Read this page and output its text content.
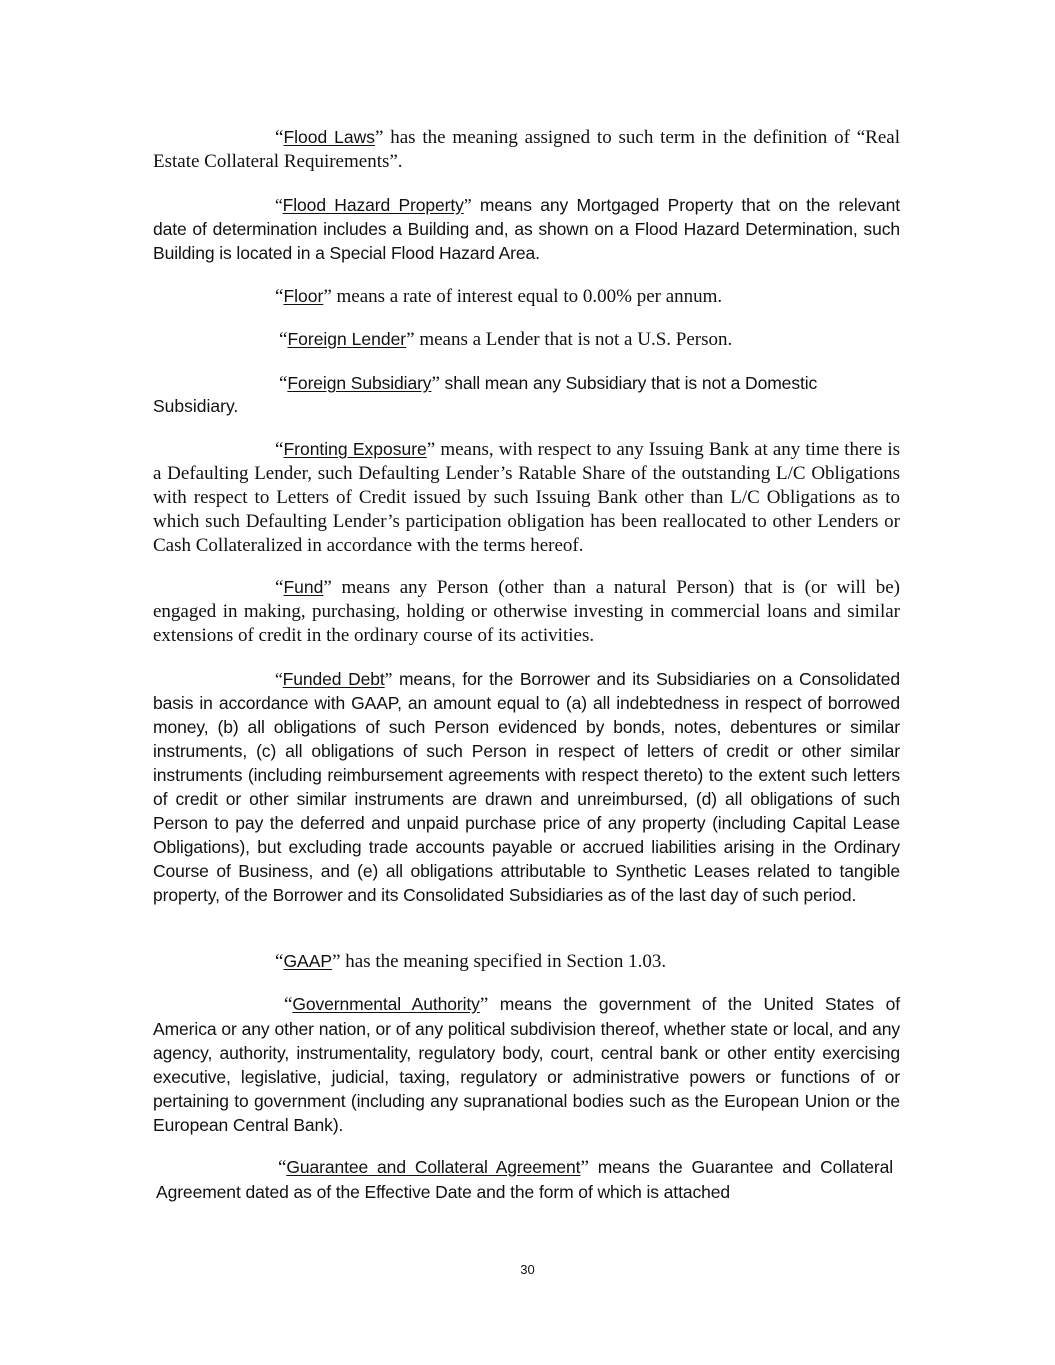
“Flood Laws” has the meaning assigned to such term in the definition of “Real Estate Collateral Requirements”.

“Flood Hazard Property” means any Mortgaged Property that on the relevant date of determination includes a Building and, as shown on a Flood Hazard Determination, such Building is located in a Special Flood Hazard Area.

“Floor” means a rate of interest equal to 0.00% per annum.

“Foreign Lender” means a Lender that is not a U.S. Person.

“Foreign Subsidiary” shall mean any Subsidiary that is not a Domestic

Subsidiary.

“Fronting Exposure” means, with respect to any Issuing Bank at any time there is a Defaulting Lender, such Defaulting Lender’s Ratable Share of the outstanding L/C Obligations with respect to Letters of Credit issued by such Issuing Bank other than L/C Obligations as to which such Defaulting Lender’s participation obligation has been reallocated to other Lenders or Cash Collateralized in accordance with the terms hereof.

“Fund” means any Person (other than a natural Person) that is (or will be) engaged in making, purchasing, holding or otherwise investing in commercial loans and similar extensions of credit in the ordinary course of its activities.

“Funded Debt” means, for the Borrower and its Subsidiaries on a Consolidated basis in accordance with GAAP, an amount equal to (a) all indebtedness in respect of borrowed money, (b) all obligations of such Person evidenced by bonds, notes, debentures or similar instruments, (c) all obligations of such Person in respect of letters of credit or other similar instruments (including reimbursement agreements with respect thereto) to the extent such letters of credit or other similar instruments are drawn and unreimbursed, (d) all obligations of such Person to pay the deferred and unpaid purchase price of any property (including Capital Lease Obligations), but excluding trade accounts payable or accrued liabilities arising in the Ordinary Course of Business, and (e) all obligations attributable to Synthetic Leases related to tangible property, of the Borrower and its Consolidated Subsidiaries as of the last day of such period.

“GAAP” has the meaning specified in Section 1.03.

“Governmental Authority” means the government of the United States of America or any other nation, or of any political subdivision thereof, whether state or local, and any agency, authority, instrumentality, regulatory body, court, central bank or other entity exercising executive, legislative, judicial, taxing, regulatory or administrative powers or functions of or pertaining to government (including any supranational bodies such as the European Union or the European Central Bank).

“Guarantee and Collateral Agreement” means the Guarantee and Collateral Agreement dated as of the Effective Date and the form of which is attached

30
